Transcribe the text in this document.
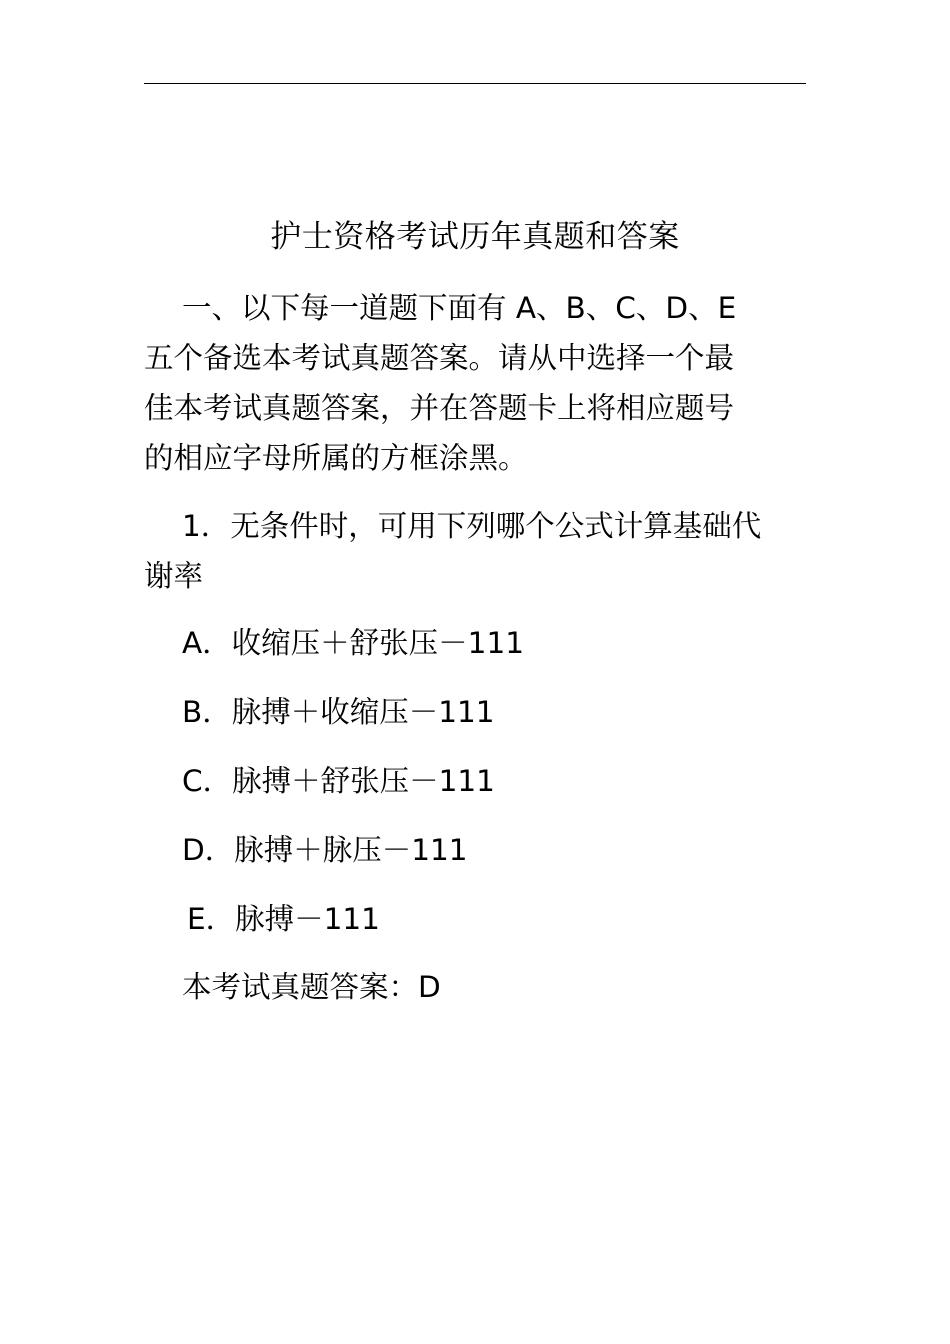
护士资格考试历年真题和答案
一、以下每一道题下面有 A、B、C、D、E
五个备选本考试真题答案。请从中选择一个最
佳本考试真题答案，并在答题卡上将相应题号
的相应字母所属的方框涂黑。
1．无条件时，可用下列哪个公式计算基础代
谢率
A．收缩压＋舒张压－111
B．脉搏＋收缩压－111
C．脉搏＋舒张压－111
D．脉搏＋脉压－111
E．脉搏－111
本考试真题答案：D
